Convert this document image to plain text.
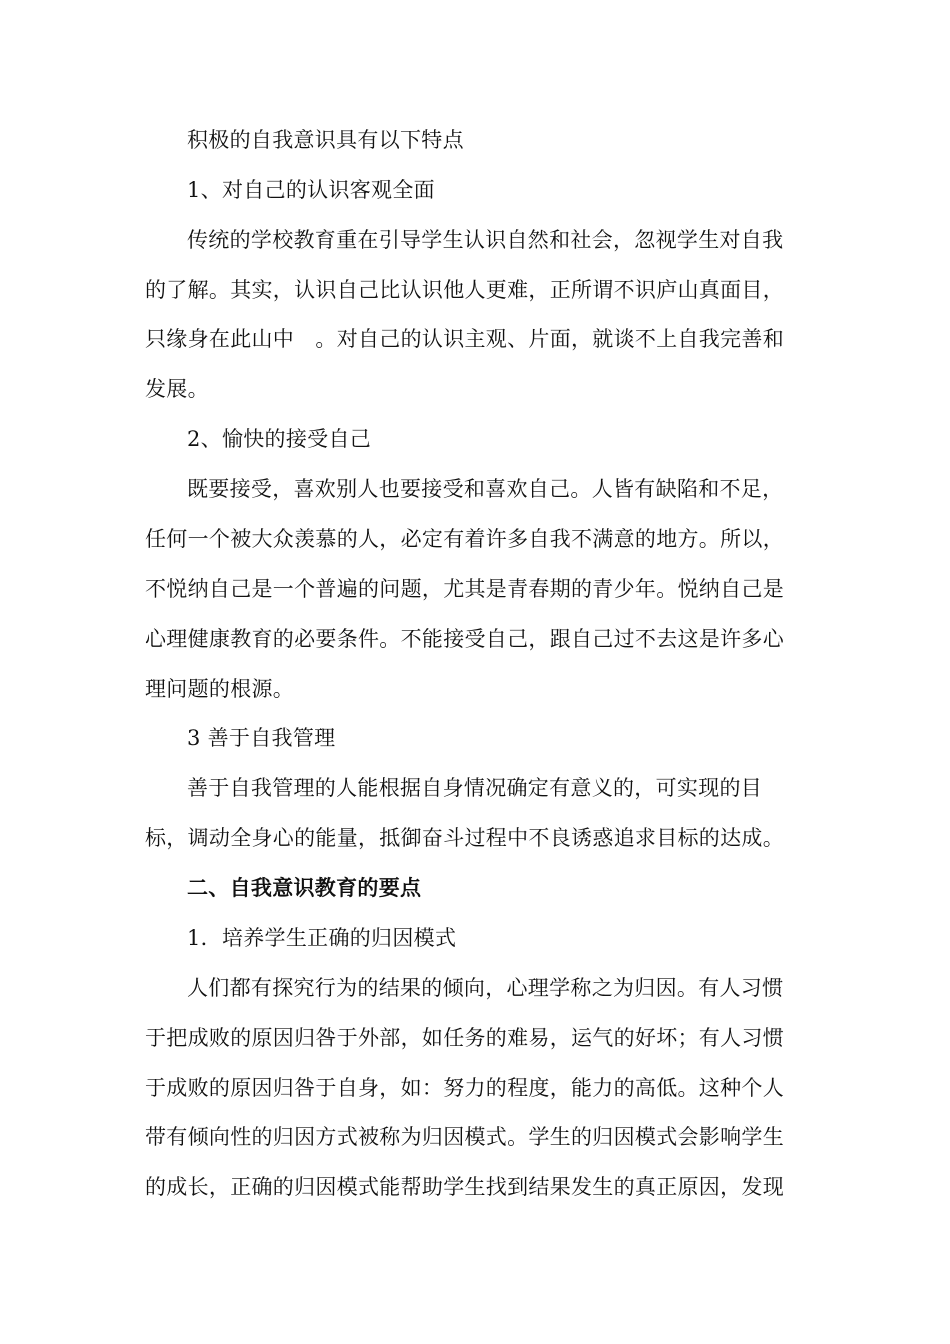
积极的自我意识具有以下特点
1、对自己的认识客观全面
传统的学校教育重在引导学生认识自然和社会，忽视学生对自我
的了解。其实，认识自己比认识他人更难，正所谓不识庐山真面目，
只缘身在此山中　。对自己的认识主观、片面，就谈不上自我完善和
发展。
2、愉快的接受自己
既要接受，喜欢别人也要接受和喜欢自己。人皆有缺陷和不足，
任何一个被大众羡慕的人，必定有着许多自我不满意的地方。所以，
不悦纳自己是一个普遍的问题，尤其是青春期的青少年。悦纳自己是
心理健康教育的必要条件。不能接受自己，跟自己过不去这是许多心
理问题的根源。
3 善于自我管理
善于自我管理的人能根据自身情况确定有意义的，可实现的目
标，调动全身心的能量，抵御奋斗过程中不良诱惑追求目标的达成。
二、自我意识教育的要点
1．培养学生正确的归因模式
人们都有探究行为的结果的倾向，心理学称之为归因。有人习惯
于把成败的原因归咎于外部，如任务的难易，运气的好坏；有人习惯
于成败的原因归咎于自身，如：努力的程度，能力的高低。这种个人
带有倾向性的归因方式被称为归因模式。学生的归因模式会影响学生
的成长，正确的归因模式能帮助学生找到结果发生的真正原因，发现
